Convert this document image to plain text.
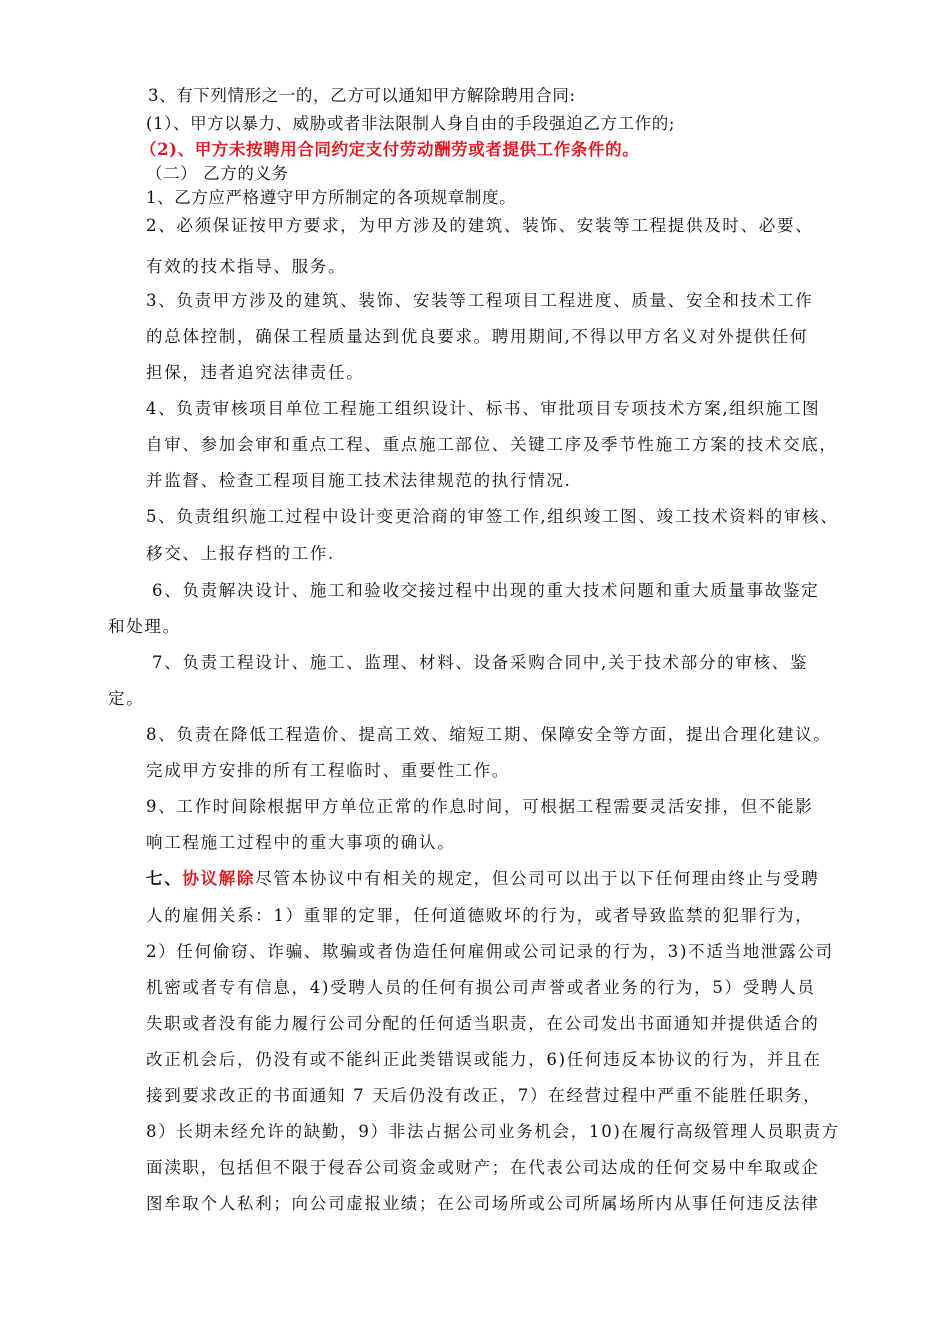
3、有下列情形之一的，乙方可以通知甲方解除聘用合同:

(1）、甲方以暴力、威胁或者非法限制人身自由的手段强迫乙方工作的;

（2)、甲方未按聘用合同约定支付劳动酬劳或者提供工作条件的。

（二） 乙方的义务

1、乙方应严格遵守甲方所制定的各项规章制度。

2、必须保证按甲方要求，为甲方涉及的建筑、装饰、安装等工程提供及时、必要、

有效的技术指导、服务。

3、负责甲方涉及的建筑、装饰、安装等工程项目工程进度、质量、安全和技术工作

的总体控制，确保工程质量达到优良要求。聘用期间,不得以甲方名义对外提供任何

担保，违者追究法律责任。

4、负责审核项目单位工程施工组织设计、标书、审批项目专项技术方案,组织施工图

自审、参加会审和重点工程、重点施工部位、关键工序及季节性施工方案的技术交底，

并监督、检查工程项目施工技术法律规范的执行情况.

5、负责组织施工过程中设计变更洽商的审签工作,组织竣工图、竣工技术资料的审核、

移交、上报存档的工作.

6、负责解决设计、施工和验收交接过程中出现的重大技术问题和重大质量事故鉴定

和处理。

7、负责工程设计、施工、监理、材料、设备采购合同中,关于技术部分的审核、鉴

定。

8、负责在降低工程造价、提高工效、缩短工期、保障安全等方面，提出合理化建议。

完成甲方安排的所有工程临时、重要性工作。

9、工作时间除根据甲方单位正常的作息时间，可根据工程需要灵活安排，但不能影

响工程施工过程中的重大事项的确认。

七、协议解除尽管本协议中有相关的规定，但公司可以出于以下任何理由终止与受聘

人的雇佣关系：1）重罪的定罪，任何道德败坏的行为，或者导致监禁的犯罪行为，

2）任何偷窃、诈骗、欺骗或者伪造任何雇佣或公司记录的行为，3)不适当地泄露公司

机密或者专有信息，4)受聘人员的任何有损公司声誉或者业务的行为，5）受聘人员

失职或者没有能力履行公司分配的任何适当职责，在公司发出书面通知并提供适合的

改正机会后，仍没有或不能纠正此类错误或能力，6)任何违反本协议的行为，并且在

接到要求改正的书面通知 7 天后仍没有改正，7）在经营过程中严重不能胜任职务，

8）长期未经允许的缺勤，9）非法占据公司业务机会，10)在履行高级管理人员职责方

面渎职，包括但不限于侵吞公司资金或财产；在代表公司达成的任何交易中牟取或企

图牟取个人私利；向公司虚报业绩；在公司场所或公司所属场所内从事任何违反法律
